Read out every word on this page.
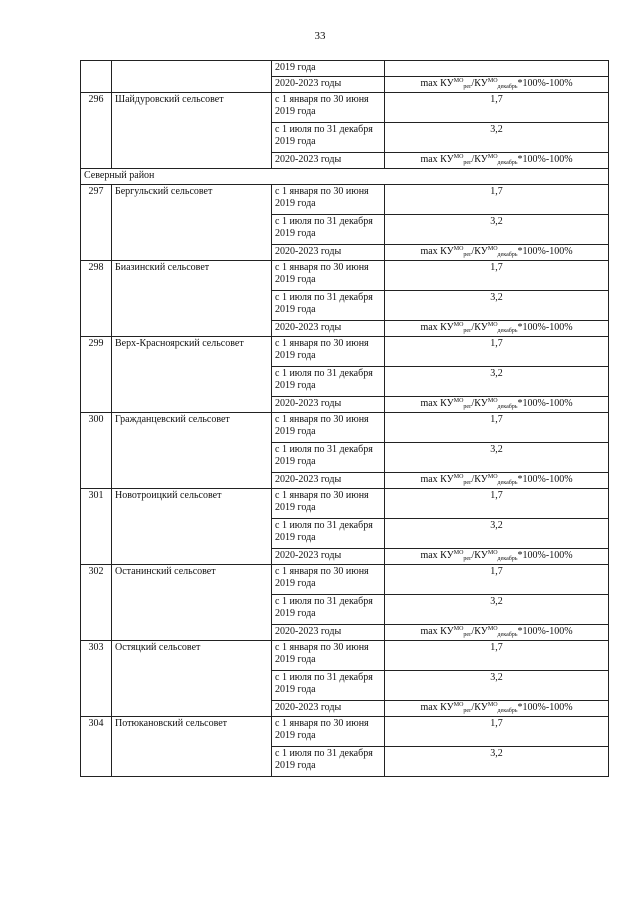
33
		2019 года	
		2020-2023 годы	$\max КУ^{МО}_{рег}/КУ^{МО}_{декабрь}*100\%-100\%$
296	Шайдуровский сельсовет	с 1 января по 30 июня 2019 года	1,7
		с 1 июля по 31 декабря 2019 года	3,2
		2020-2023 годы	$\max КУ^{МО}_{рег}/КУ^{МО}_{декабрь}*100\%-100\%$
Северный район			
297	Бергульский сельсовет	с 1 января по 30 июня 2019 года	1,7
		с 1 июля по 31 декабря 2019 года	3,2
		2020-2023 годы	$\max КУ^{МО}_{рег}/КУ^{МО}_{декабрь}*100\%-100\%$
298	Биазинский сельсовет	с 1 января по 30 июня 2019 года	1,7
		с 1 июля по 31 декабря 2019 года	3,2
		2020-2023 годы	$\max КУ^{МО}_{рег}/КУ^{МО}_{декабрь}*100\%-100\%$
299	Верх-Красноярский сельсовет	с 1 января по 30 июня 2019 года	1,7
		с 1 июля по 31 декабря 2019 года	3,2
		2020-2023 годы	$\max КУ^{МО}_{рег}/КУ^{МО}_{декабрь}*100\%-100\%$
300	Гражданцевский сельсовет	с 1 января по 30 июня 2019 года	1,7
		с 1 июля по 31 декабря 2019 года	3,2
		2020-2023 годы	$\max КУ^{МО}_{рег}/КУ^{МО}_{декабрь}*100\%-100\%$
301	Новотроицкий сельсовет	с 1 января по 30 июня 2019 года	1,7
		с 1 июля по 31 декабря 2019 года	3,2
		2020-2023 годы	$\max КУ^{МО}_{рег}/КУ^{МО}_{декабрь}*100\%-100\%$
302	Останинский сельсовет	с 1 января по 30 июня 2019 года	1,7
		с 1 июля по 31 декабря 2019 года	3,2
		2020-2023 годы	$\max КУ^{МО}_{рег}/КУ^{МО}_{декабрь}*100\%-100\%$
303	Остяцкий сельсовет	с 1 января по 30 июня 2019 года	1,7
		с 1 июля по 31 декабря 2019 года	3,2
		2020-2023 годы	$\max КУ^{МО}_{рег}/КУ^{МО}_{декабрь}*100\%-100\%$
304	Потюкановский сельсовет	с 1 января по 30 июня 2019 года	1,7
		с 1 июля по 31 декабря 2019 года	3,2
